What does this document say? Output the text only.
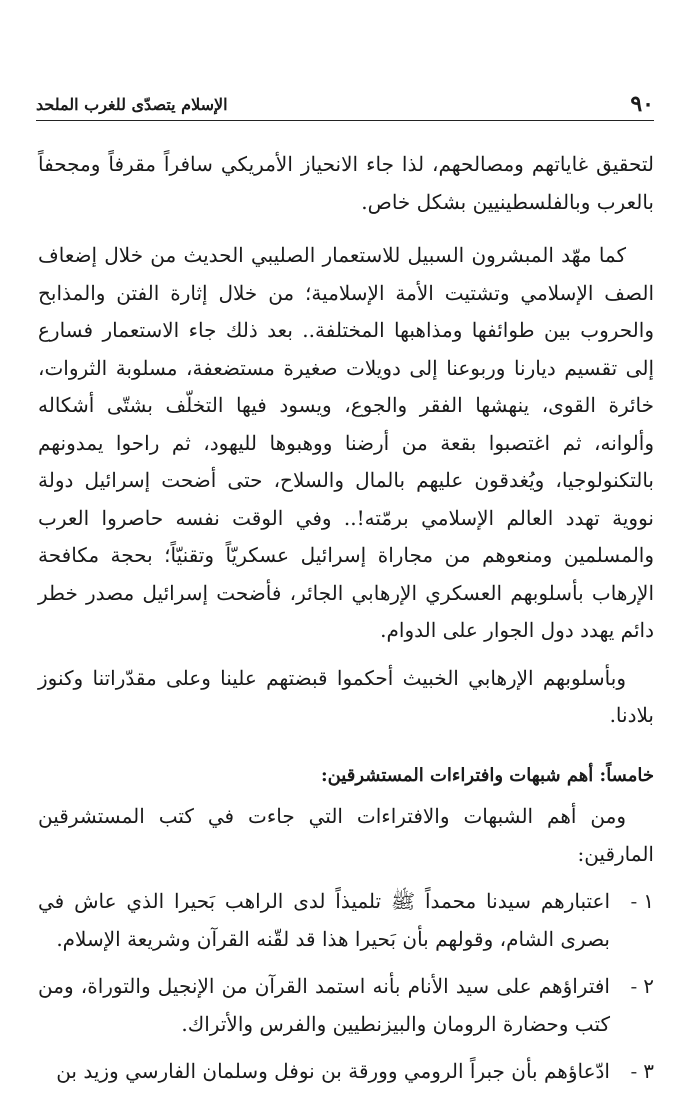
٩٠
الإسلام يتصدّى للغرب الملحد

لتحقيق غاياتهم ومصالحهم، لذا جاء الانحياز الأمريكي سافراً مقرفاً ومجحفاً بالعرب وبالفلسطينيين بشكل خاص.

كما مهّد المبشرون السبيل للاستعمار الصليبي الحديث من خلال إضعاف الصف الإسلامي وتشتيت الأمة الإسلامية؛ من خلال إثارة الفتن والمذابح والحروب بين طوائفها ومذاهبها المختلفة.. بعد ذلك جاء الاستعمار فسارع إلى تقسيم ديارنا وربوعنا إلى دويلات صغيرة مستضعفة، مسلوبة الثروات، خائرة القوى، ينهشها الفقر والجوع، ويسود فيها التخلّف بشتّى أشكاله وألوانه، ثم اغتصبوا بقعة من أرضنا ووهبوها لليهود، ثم راحوا يمدونهم بالتكنولوجيا، ويُغدقون عليهم بالمال والسلاح، حتى أضحت إسرائيل دولة نووية تهدد العالم الإسلامي برمّته!.. وفي الوقت نفسه حاصروا العرب والمسلمين ومنعوهم من مجاراة إسرائيل عسكريّاً وتقنيّاً؛ بحجة مكافحة الإرهاب بأسلوبهم العسكري الإرهابي الجائر، فأضحت إسرائيل مصدر خطر دائم يهدد دول الجوار على الدوام.

وبأسلوبهم الإرهابي الخبيث أحكموا قبضتهم علينا وعلى مقدّراتنا وكنوز بلادنا.

خامساً: أهم شبهات وافتراءات المستشرقين:

ومن أهم الشبهات والافتراءات التي جاءت في كتب المستشرقين المارقين:

١
-

اعتبارهم سيدنا محمداً ﷺ تلميذاً لدى الراهب بَحيرا الذي عاش في بصرى الشام، وقولهم بأن بَحيرا هذا قد لقّنه القرآن وشريعة الإسلام.

٢
-

افتراؤهم على سيد الأنام بأنه استمد القرآن من الإنجيل والتوراة، ومن كتب وحضارة الرومان والبيزنطيين والفرس والأتراك.

٣
-

ادّعاؤهم بأن جبراً الرومي وورقة بن نوفل وسلمان الفارسي وزيد بن
